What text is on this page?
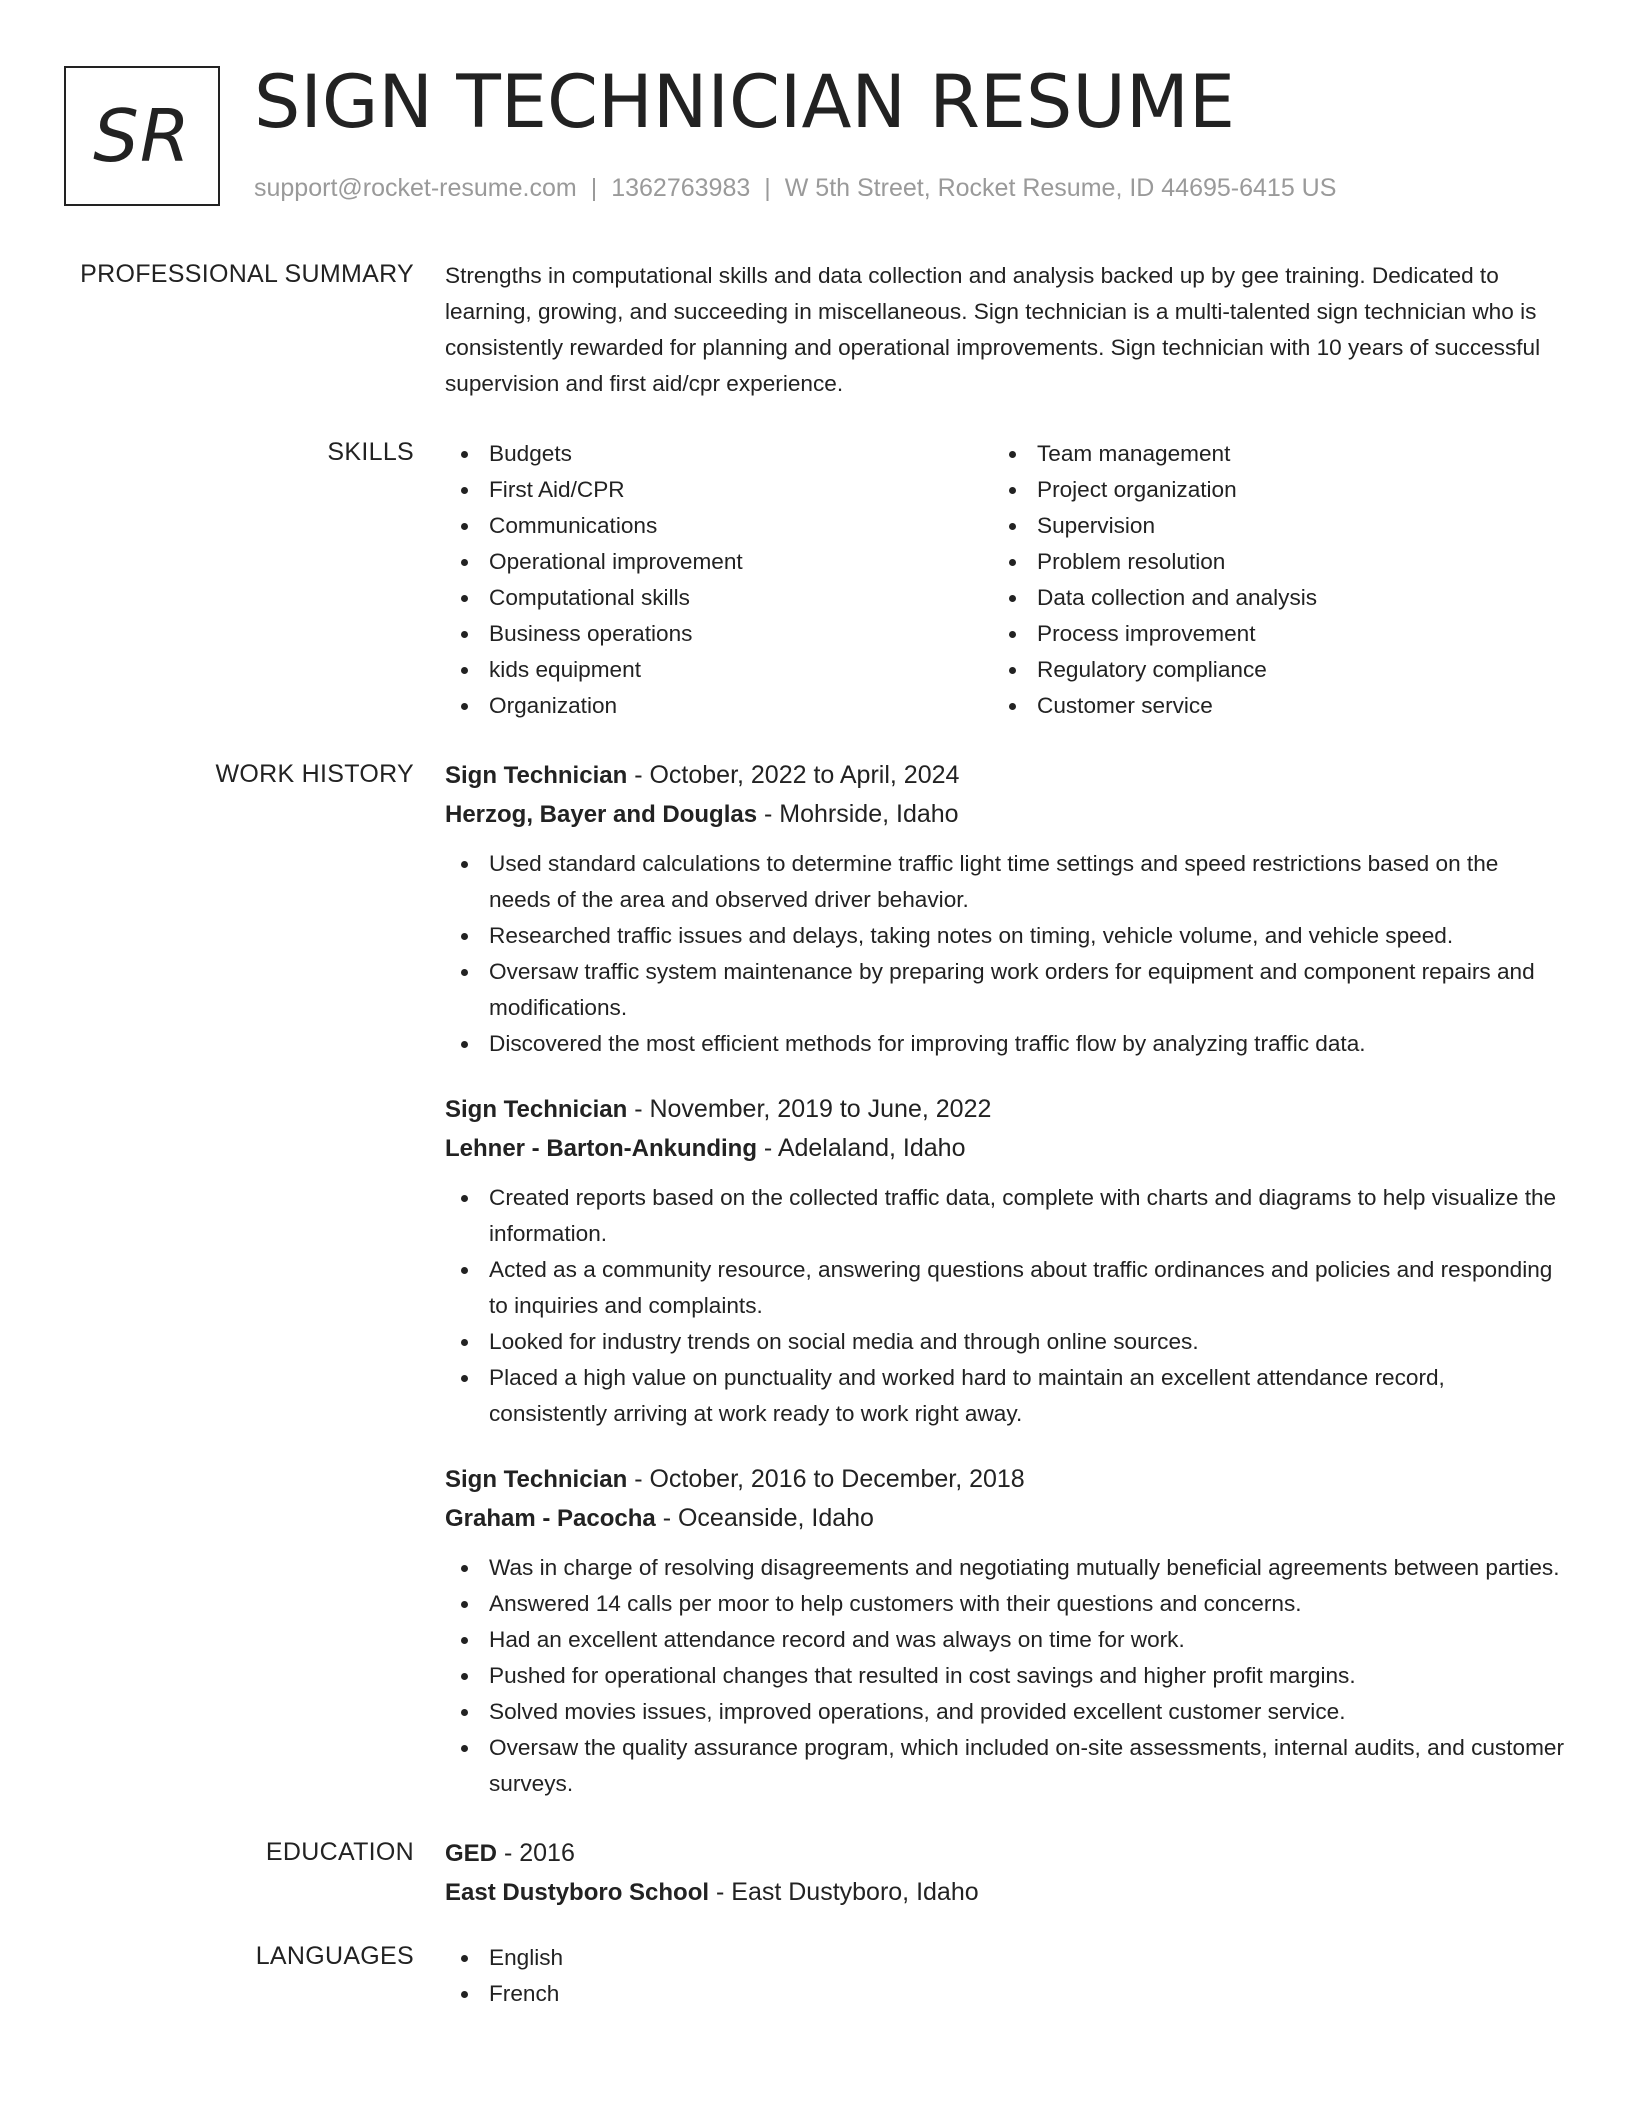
SR SIGN TECHNICIAN RESUME
support@rocket-resume.com | 1362763983 | W 5th Street, Rocket Resume, ID 44695-6415 US
PROFESSIONAL SUMMARY Strengths in computational skills and data collection and analysis backed up by gee training. Dedicated to learning, growing, and succeeding in miscellaneous. Sign technician is a multi-talented sign technician who is consistently rewarded for planning and operational improvements. Sign technician with 10 years of successful supervision and first aid/cpr experience.

SKILLS	Budgets
First Aid/CPR
Communications
Operational improvement
Computational skills
Business operations
kids equipment
Organization
Team management
Project organization
Supervision
Problem resolution
Data collection and analysis
Process improvement
Regulatory compliance
Customer service
WORK HISTORY Sign Technician - October, 2022 to April, 2024
Herzog, Bayer and Douglas - Mohrside, Idaho
Used standard calculations to determine traffic light time settings and speed restrictions based on the needs of the area and observed driver behavior.
Researched traffic issues and delays, taking notes on timing, vehicle volume, and vehicle speed.
Oversaw traffic system maintenance by preparing work orders for equipment and component repairs and modifications.
Discovered the most efficient methods for improving traffic flow by analyzing traffic data.
Sign Technician - November, 2019 to June, 2022
Lehner - Barton-Ankunding - Adelaland, Idaho
Created reports based on the collected traffic data, complete with charts and diagrams to help visualize the information.
Acted as a community resource, answering questions about traffic ordinances and policies and responding to inquiries and complaints.
Looked for industry trends on social media and through online sources.
Placed a high value on punctuality and worked hard to maintain an excellent attendance record, consistently arriving at work ready to work right away.
Sign Technician - October, 2016 to December, 2018
Graham - Pacocha - Oceanside, Idaho
Was in charge of resolving disagreements and negotiating mutually beneficial agreements between parties.
Answered 14 calls per moor to help customers with their questions and concerns.
Had an excellent attendance record and was always on time for work.
Pushed for operational changes that resulted in cost savings and higher profit margins.
Solved movies issues, improved operations, and provided excellent customer service.
Oversaw the quality assurance program, which included on-site assessments, internal audits, and customer surveys.
EDUCATION GED - 2016
East Dustyboro School - East Dustyboro, Idaho
LANGUAGES	English
French
